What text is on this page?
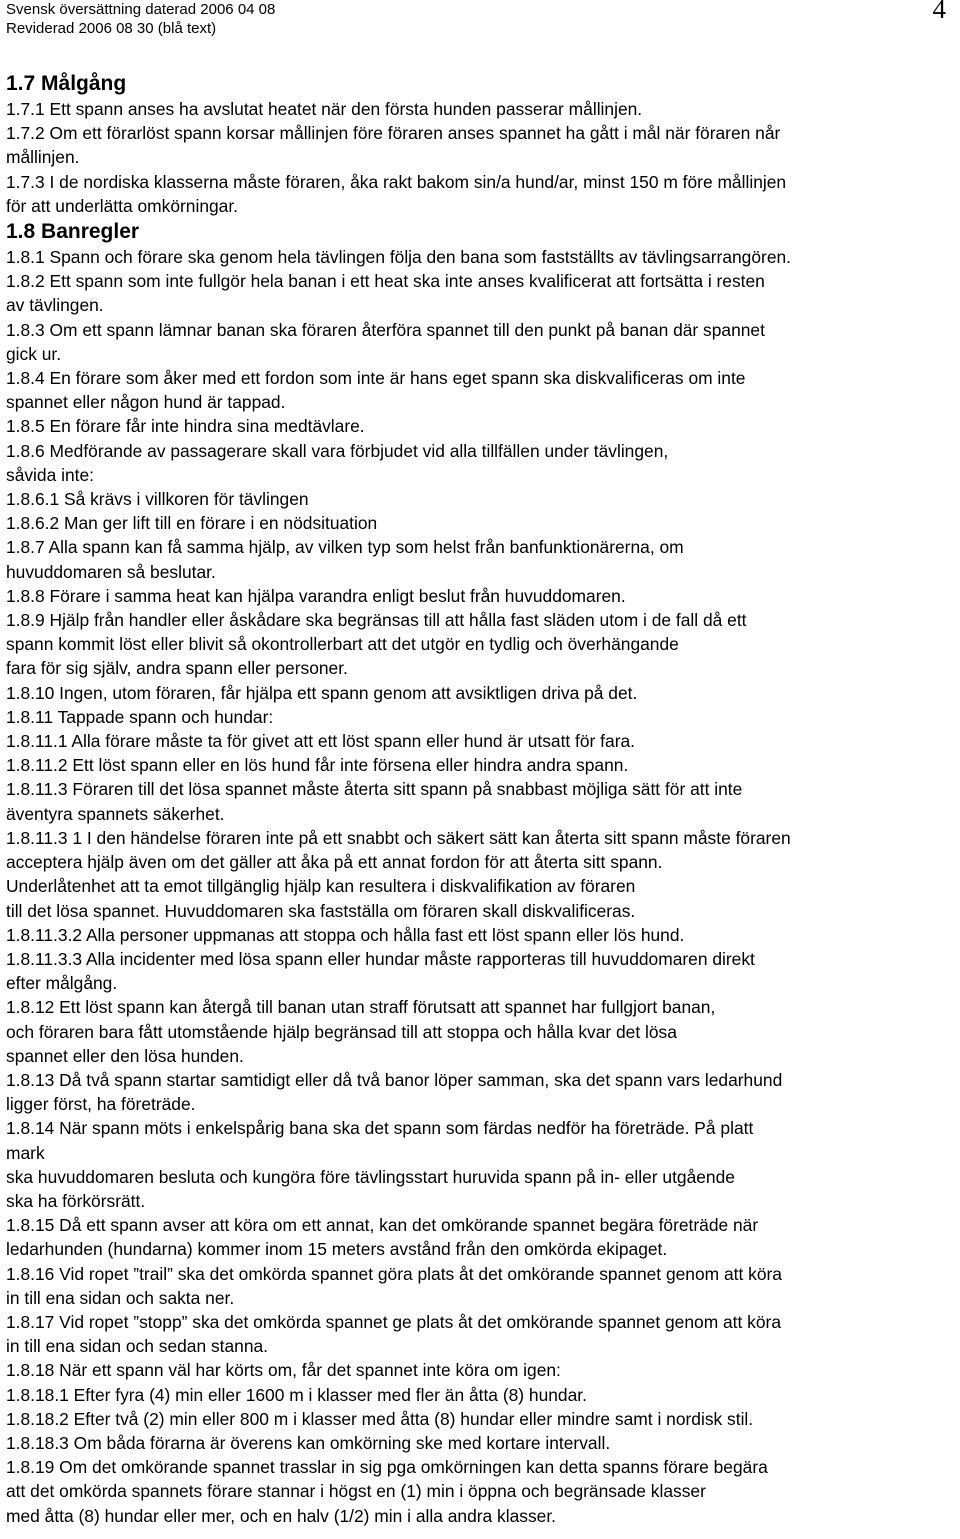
Svensk översättning daterad 2006 04 08
Reviderad 2006 08 30 (blå text)
4
1.7 Målgång
1.7.1 Ett spann anses ha avslutat heatet när den första hunden passerar mållinjen.
1.7.2 Om ett förarlöst spann korsar mållinjen före föraren anses spannet ha gått i mål när föraren når
mållinjen.
1.7.3 I de nordiska klasserna måste föraren, åka rakt bakom sin/a hund/ar, minst 150 m före mållinjen
för att underlätta omkörningar.
1.8 Banregler
1.8.1 Spann och förare ska genom hela tävlingen följa den bana som fastställts av tävlingsarrangören.
1.8.2 Ett spann som inte fullgör hela banan i ett heat ska inte anses kvalificerat att fortsätta i resten
av tävlingen.
1.8.3 Om ett spann lämnar banan ska föraren återföra spannet till den punkt på banan där spannet
gick ur.
1.8.4 En förare som åker med ett fordon som inte är hans eget spann ska diskvalificeras om inte
spannet eller någon hund är tappad.
1.8.5 En förare får inte hindra sina medtävlare.
1.8.6 Medförande av passagerare skall vara förbjudet vid alla tillfällen under tävlingen,
såvida inte:
1.8.6.1 Så krävs i villkoren för tävlingen
1.8.6.2 Man ger lift till en förare i en nödsituation
1.8.7 Alla spann kan få samma hjälp, av vilken typ som helst från banfunktionärerna, om
huvuddomaren så beslutar.
1.8.8 Förare i samma heat kan hjälpa varandra enligt beslut från huvuddomaren.
1.8.9 Hjälp från handler eller åskådare ska begränsas till att hålla fast släden utom i de fall då ett
spann kommit löst eller blivit så okontrollerbart att det utgör en tydlig och överhängande
fara för sig själv, andra spann eller personer.
1.8.10 Ingen, utom föraren, får hjälpa ett spann genom att avsiktligen driva på det.
1.8.11 Tappade spann och hundar:
1.8.11.1 Alla förare måste ta för givet att ett löst spann eller hund är utsatt för fara.
1.8.11.2 Ett löst spann eller en lös hund får inte försena eller hindra andra spann.
1.8.11.3 Föraren till det lösa spannet måste återta sitt spann på snabbast möjliga sätt för att inte
äventyra spannets säkerhet.
1.8.11.3 1 I den händelse föraren inte på ett snabbt och säkert sätt kan återta sitt spann måste föraren
acceptera hjälp även om det gäller att åka på ett annat fordon för att återta sitt spann.
Underlåtenhet att ta emot tillgänglig hjälp kan resultera i diskvalifikation av föraren
till det lösa spannet. Huvuddomaren ska fastställa om föraren skall diskvalificeras.
1.8.11.3.2 Alla personer uppmanas att stoppa och hålla fast ett löst spann eller lös hund.
1.8.11.3.3 Alla incidenter med lösa spann eller hundar måste rapporteras till huvuddomaren direkt
efter målgång.
1.8.12 Ett löst spann kan återgå till banan utan straff förutsatt att spannet har fullgjort banan,
och föraren bara fått utomstående hjälp begränsad till att stoppa och hålla kvar det lösa
spannet eller den lösa hunden.
1.8.13 Då två spann startar samtidigt eller då två banor löper samman, ska det spann vars ledarhund
ligger först, ha företräde.
1.8.14 När spann möts i enkelspårig bana ska det spann som färdas nedför ha företräde. På platt
mark
ska huvuddomaren besluta och kungöra före tävlingsstart huruvida spann på in- eller utgående
ska ha förkörsrätt.
1.8.15 Då ett spann avser att köra om ett annat, kan det omkörande spannet begära företräde när
ledarhunden (hundarna) kommer inom 15 meters avstånd från den omkörda ekipaget.
1.8.16 Vid ropet ”trail” ska det omkörda spannet göra plats åt det omkörande spannet genom att köra
in till ena sidan och sakta ner.
1.8.17 Vid ropet ”stopp” ska det omkörda spannet ge plats åt det omkörande spannet genom att köra
in till ena sidan och sedan stanna.
1.8.18 När ett spann väl har körts om, får det spannet inte köra om igen:
1.8.18.1 Efter fyra (4) min eller 1600 m i klasser med fler än åtta (8) hundar.
1.8.18.2 Efter två (2) min eller 800 m i klasser med åtta (8) hundar eller mindre samt i nordisk stil.
1.8.18.3 Om båda förarna är överens kan omkörning ske med kortare intervall.
1.8.19 Om det omkörande spannet trasslar in sig pga omkörningen kan detta spanns förare begära
att det omkörda spannets förare stannar i högst en (1) min i öppna och begränsade klasser
med åtta (8) hundar eller mer, och en halv (1/2) min i alla andra klasser.
